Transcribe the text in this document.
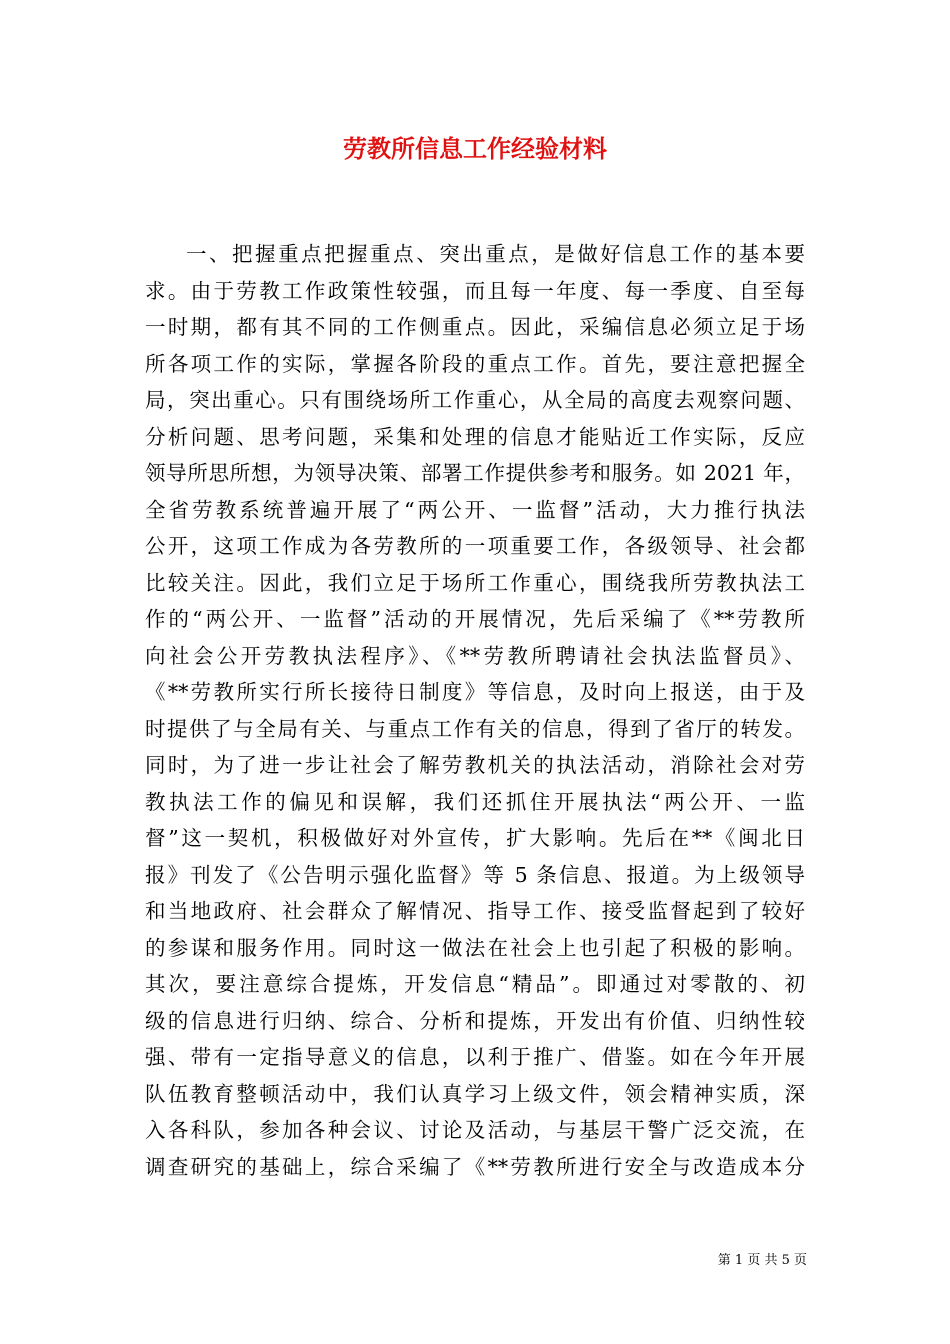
劳教所信息工作经验材料
一、把握重点把握重点、突出重点，是做好信息工作的基本要
求。由于劳教工作政策性较强，而且每一年度、每一季度、自至每
一时期，都有其不同的工作侧重点。因此，采编信息必须立足于场
所各项工作的实际，掌握各阶段的重点工作。首先，要注意把握全
局，突出重心。只有围绕场所工作重心，从全局的高度去观察问题、
分析问题、思考问题，采集和处理的信息才能贴近工作实际，反应
领导所思所想，为领导决策、部署工作提供参考和服务。如 2021 年，
全省劳教系统普遍开展了“两公开、一监督”活动，大力推行执法
公开，这项工作成为各劳教所的一项重要工作，各级领导、社会都
比较关注。因此，我们立足于场所工作重心，围绕我所劳教执法工
作的“两公开、一监督”活动的开展情况，先后采编了《**劳教所
向社会公开劳教执法程序》、《**劳教所聘请社会执法监督员》、
《**劳教所实行所长接待日制度》等信息，及时向上报送，由于及
时提供了与全局有关、与重点工作有关的信息，得到了省厅的转发。
同时，为了进一步让社会了解劳教机关的执法活动，消除社会对劳
教执法工作的偏见和误解，我们还抓住开展执法“两公开、一监
督”这一契机，积极做好对外宣传，扩大影响。先后在**《闽北日
报》刊发了《公告明示强化监督》等 5 条信息、报道。为上级领导
和当地政府、社会群众了解情况、指导工作、接受监督起到了较好
的参谋和服务作用。同时这一做法在社会上也引起了积极的影响。
其次，要注意综合提炼，开发信息“精品”。即通过对零散的、初
级的信息进行归纳、综合、分析和提炼，开发出有价值、归纳性较
强、带有一定指导意义的信息，以利于推广、借鉴。如在今年开展
队伍教育整顿活动中，我们认真学习上级文件，领会精神实质，深
入各科队，参加各种会议、讨论及活动，与基层干警广泛交流，在
调查研究的基础上，综合采编了《**劳教所进行安全与改造成本分
第 1 页 共 5 页
